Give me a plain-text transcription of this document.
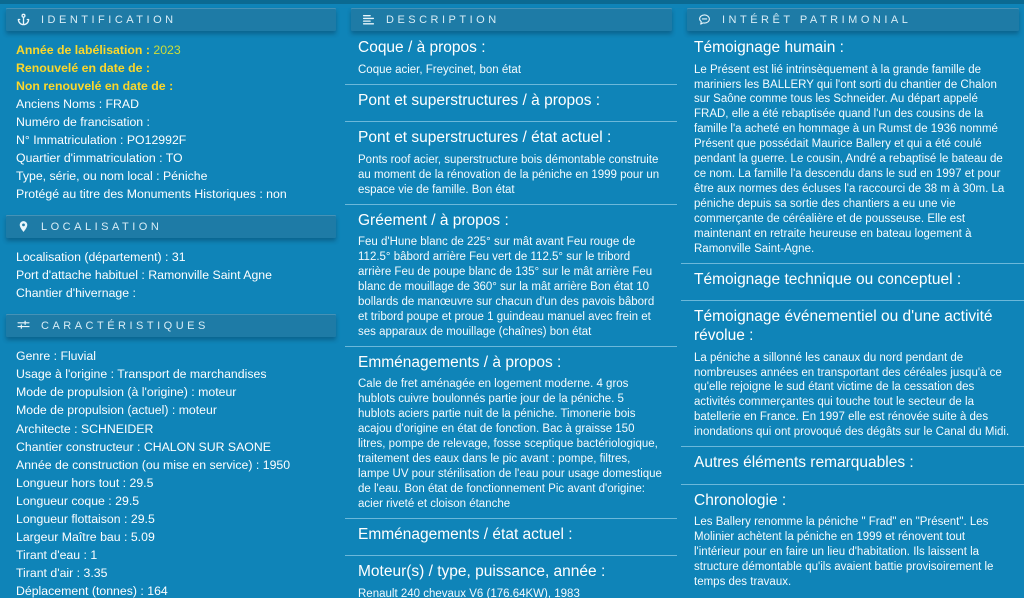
IDENTIFICATION
Année de labélisation : 2023
Renouvelé en date de :
Non renouvelé en date de :
Anciens Noms : FRAD
Numéro de francisation :
N° Immatriculation : PO12992F
Quartier d'immatriculation : TO
Type, série, ou nom local : Péniche
Protégé au titre des Monuments Historiques : non
LOCALISATION
Localisation (département) : 31
Port d'attache habituel : Ramonville Saint Agne
Chantier d'hivernage :
CARACTÉRISTIQUES
Genre : Fluvial
Usage à l'origine : Transport de marchandises
Mode de propulsion (à l'origine) : moteur
Mode de propulsion (actuel) : moteur
Architecte : SCHNEIDER
Chantier constructeur : CHALON SUR SAONE
Année de construction (ou mise en service) : 1950
Longueur hors tout : 29.5
Longueur coque : 29.5
Longueur flottaison : 29.5
Largeur Maître bau : 5.09
Tirant d'eau : 1
Tirant d'air : 3.35
Déplacement (tonnes) : 164
DESCRIPTION
Coque / à propos :

Coque acier, Freycinet, bon état

Pont et superstructures / à propos :
Pont et superstructures / état actuel :

Ponts roof acier, superstructure bois démontable construite au moment de la rénovation de la péniche en 1999 pour un espace vie de famille. Bon état

Gréement / à propos :

Feu d'Hune blanc de 225° sur mât avant Feu rouge de 112.5° bâbord arrière Feu vert de 112.5° sur le tribord arrière Feu de poupe blanc de 135° sur le mât arrière Feu blanc de mouillage de 360° sur la mât arrière Bon état 10 bollards de manœuvre sur chacun d'un des pavois bâbord et tribord poupe et proue 1 guindeau manuel avec frein et ses apparaux de mouillage (chaînes) bon état

Emménagements / à propos :

Cale de fret aménagée en logement moderne. 4 gros hublots cuivre boulonnés partie jour de la péniche. 5 hublots aciers partie nuit de la péniche. Timonerie bois acajou d'origine en état de fonction. Bac à graisse 150 litres, pompe de relevage, fosse sceptique bactériologique, traitement des eaux dans le pic avant : pompe, filtres, lampe UV pour stérilisation de l'eau pour usage domestique de l'eau. Bon état de fonctionnement Pic avant d'origine: acier riveté et cloison étanche

Emménagements / état actuel :
Moteur(s) / type, puissance, année :

Renault 240 chevaux V6 (176.64KW), 1983

INTÉRÊT PATRIMONIAL
Témoignage humain :

Le Présent est lié intrinsèquement à la grande famille de mariniers les BALLERY qui l'ont sorti du chantier de Chalon sur Saône comme tous les Schneider. Au départ appelé FRAD, elle a été rebaptisée quand l'un des cousins de la famille l'a acheté en hommage à un Rumst de 1936 nommé Présent que possédait Maurice Ballery et qui a été coulé pendant la guerre. Le cousin, André a rebaptisé le bateau de ce nom. La famille l'a descendu dans le sud en 1997 et pour être aux normes des écluses l'a raccourci de 38 m à 30m. La péniche depuis sa sortie des chantiers a eu une vie commerçante de céréalière et de pousseuse. Elle est maintenant en retraite heureuse en bateau logement à Ramonville Saint-Agne.

Témoignage technique ou conceptuel :
Témoignage événementiel ou d'une activité révolue :

La péniche a sillonné les canaux du nord pendant de nombreuses années en transportant des céréales jusqu'à ce qu'elle rejoigne le sud étant victime de la cessation des activités commerçantes qui touche tout le secteur de la batellerie en France. En 1997 elle est rénovée suite à des inondations qui ont provoqué des dégâts sur le Canal du Midi.

Autres éléments remarquables :
Chronologie :

Les Ballery renomme la péniche " Frad" en "Présent". Les Molinier achètent la péniche en 1999 et rénovent tout l'intérieur pour en faire un lieu d'habitation. Ils laissent la structure démontable qu'ils avaient battie provisoirement le temps des travaux.
